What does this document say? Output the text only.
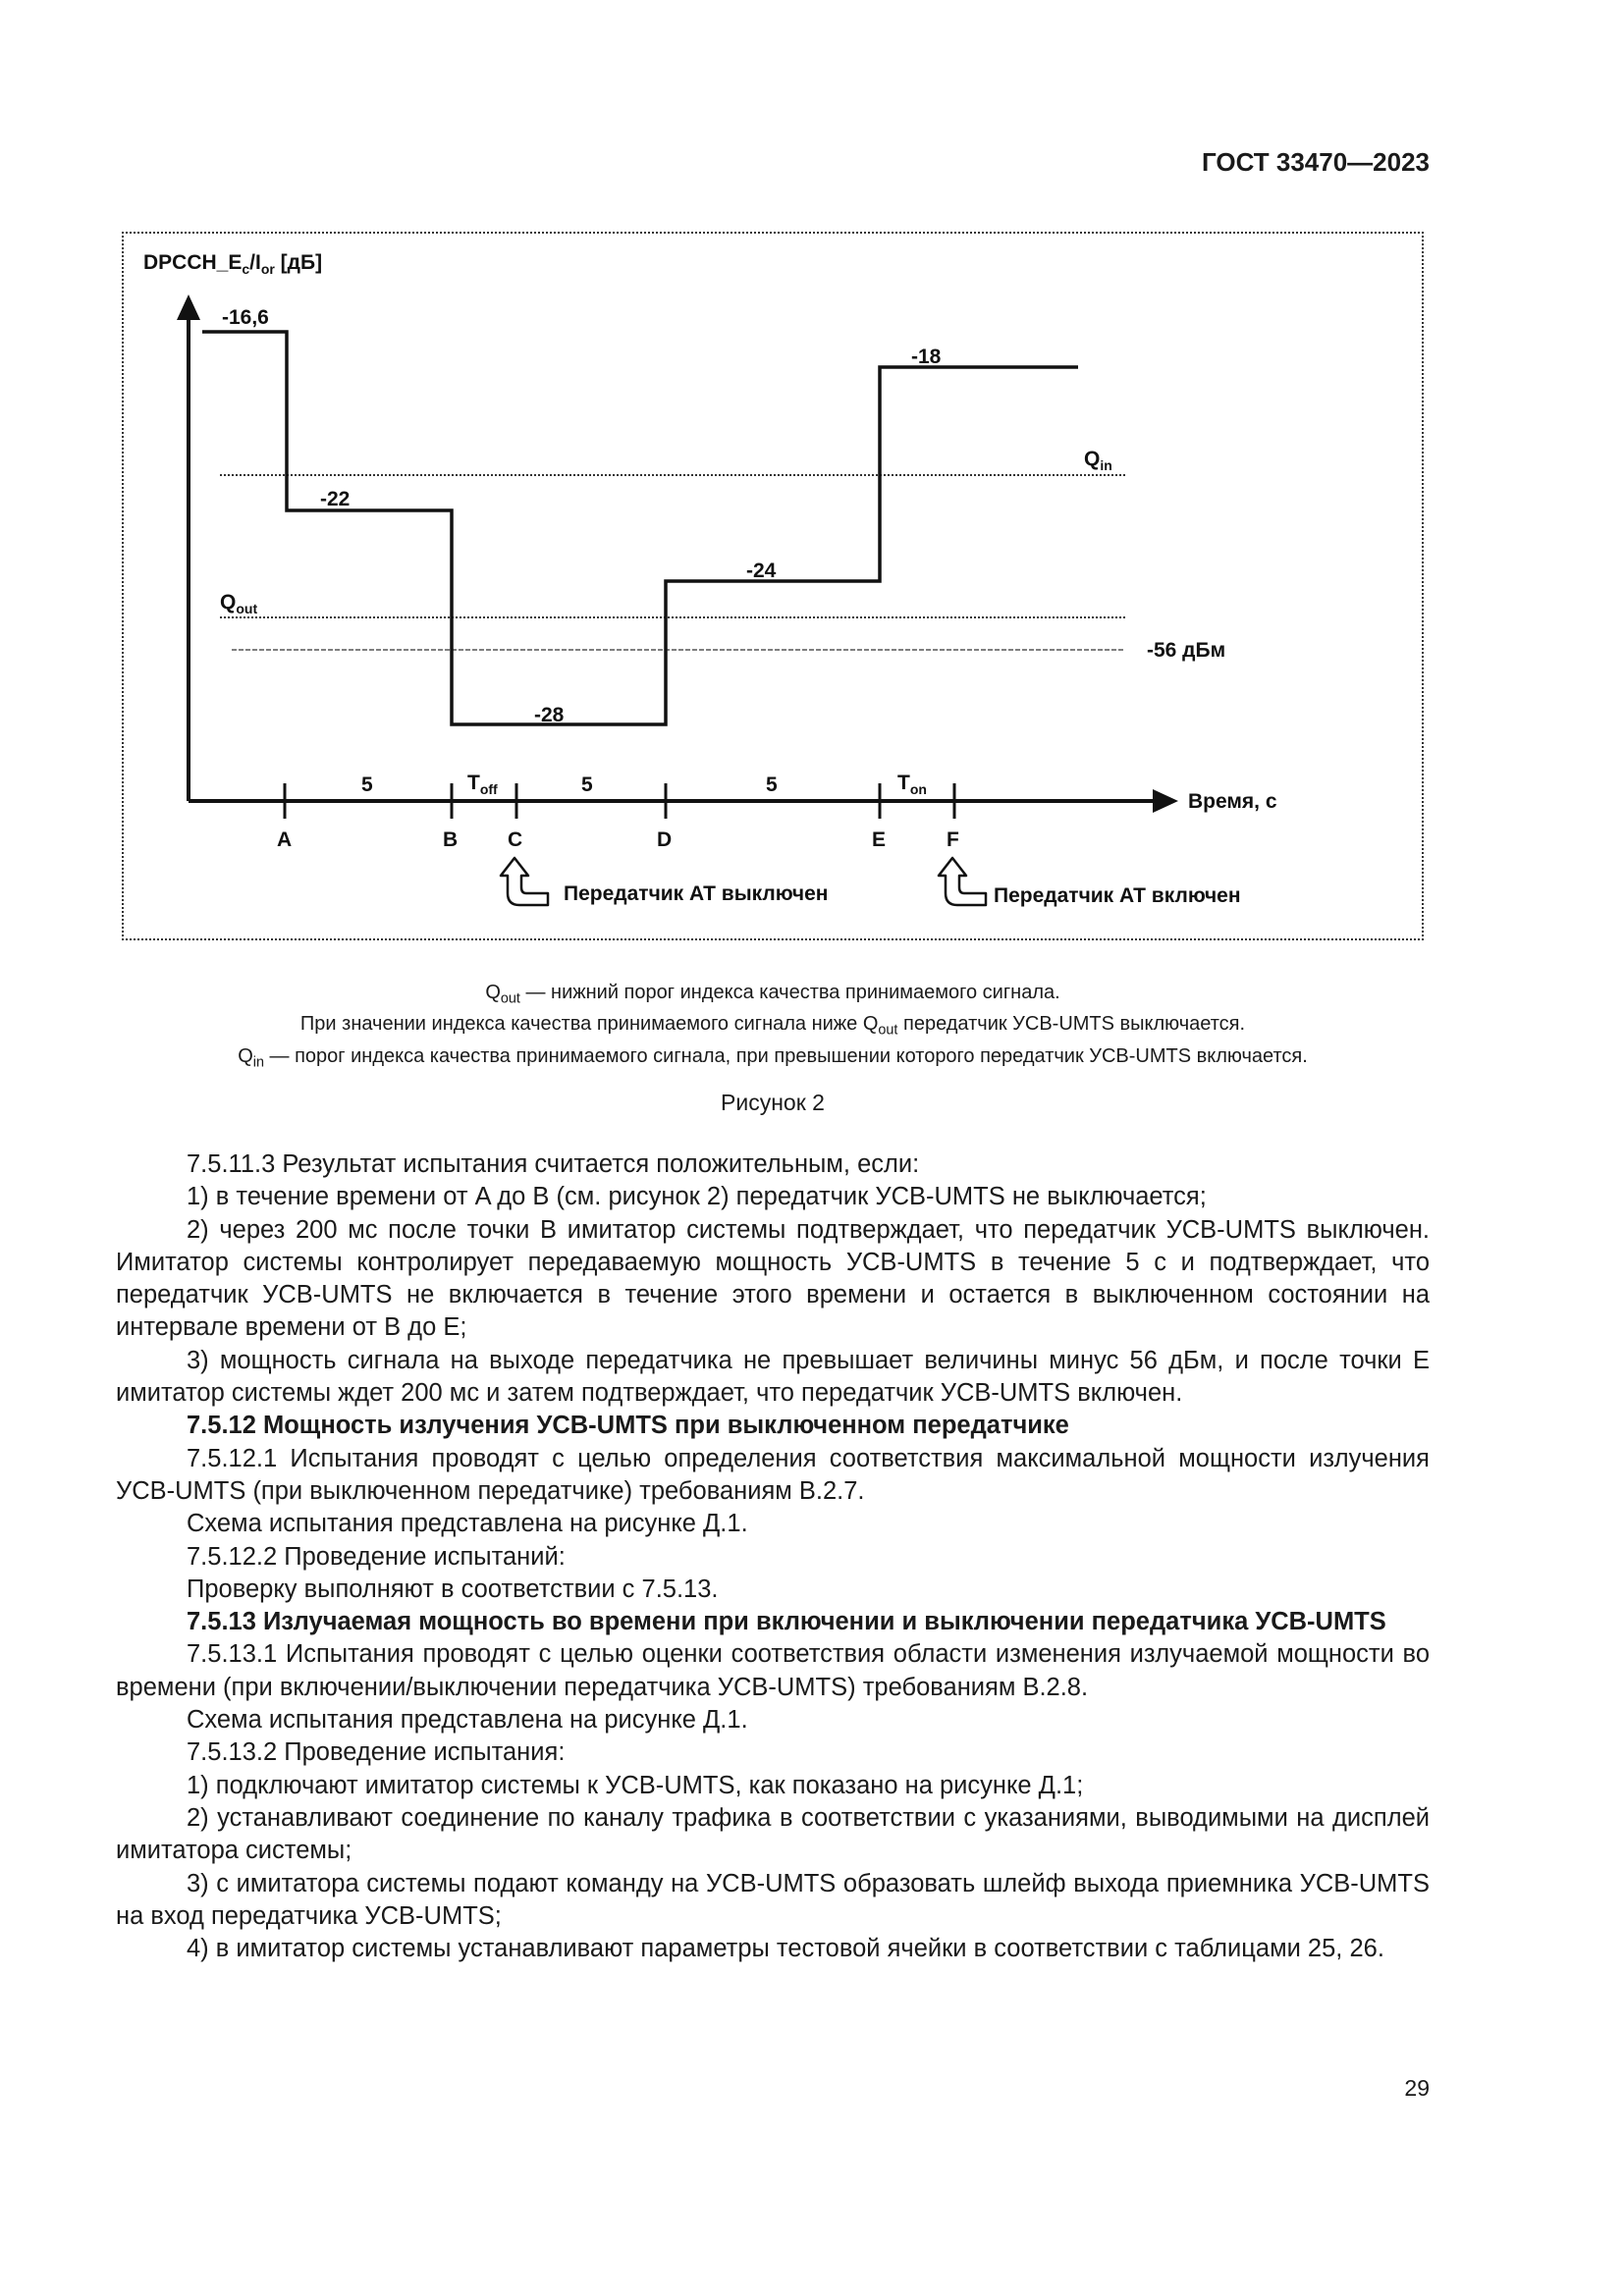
ГОСТ 33470—2023
$DPCCH\_E_c/I_{or}$ [дБ]
-16,6
-22
-28
-24
-18
$Q_{in}$
$Q_{out}$
-56 дБм
5	$T_{off}$	5	5	$T_{on}$
Время, с
A	B C	D	E	F
Передатчик АТ выключен	Передатчик АТ включен
$Q_{out}$ — нижний порог индекса качества принимаемого сигнала.
При значении индекса качества принимаемого сигнала ниже $Q_{out}$ передатчик УСВ-UMTS выключается.
$Q_{in}$ — порог индекса качества принимаемого сигнала, при превышении которого передатчик УСВ-UMTS включается.
Рисунок 2

7.5.11.3 Результат испытания считается положительным, если:

1) в течение времени от A до B (см. рисунок 2) передатчик УСВ-UMTS не выключается;

2) через 200 мс после точки B имитатор системы подтверждает, что передатчик УСВ-UMTS выключен. Имитатор системы контролирует передаваемую мощность УСВ-UMTS в течение 5 с и подтверждает, что передатчик УСВ-UMTS не включается в течение этого времени и остается в выключенном состоянии на интервале времени от B до E;

3) мощность сигнала на выходе передатчика не превышает величины минус 56 дБм, и после точки E имитатор системы ждет 200 мс и затем подтверждает, что передатчик УСВ-UMTS включен.

7.5.12 Мощность излучения УСВ-UMTS при выключенном передатчике

7.5.12.1 Испытания проводят с целью определения соответствия максимальной мощности излучения УСВ-UMTS (при выключенном передатчике) требованиям В.2.7.

Схема испытания представлена на рисунке Д.1.

7.5.12.2 Проведение испытаний:

Проверку выполняют в соответствии с 7.5.13.

7.5.13 Излучаемая мощность во времени при включении и выключении передатчика УСВ-UMTS

7.5.13.1 Испытания проводят с целью оценки соответствия области изменения излучаемой мощности во времени (при включении/выключении передатчика УСВ-UMTS) требованиям В.2.8.

Схема испытания представлена на рисунке Д.1.

7.5.13.2 Проведение испытания:

1) подключают имитатор системы к УСВ-UMTS, как показано на рисунке Д.1;

2) устанавливают соединение по каналу трафика в соответствии с указаниями, выводимыми на дисплей имитатора системы;

3) с имитатора системы подают команду на УСВ-UMTS образовать шлейф выхода приемника УСВ-UMTS на вход передатчика УСВ-UMTS;

4) в имитатор системы устанавливают параметры тестовой ячейки в соответствии с таблицами 25, 26.

29
